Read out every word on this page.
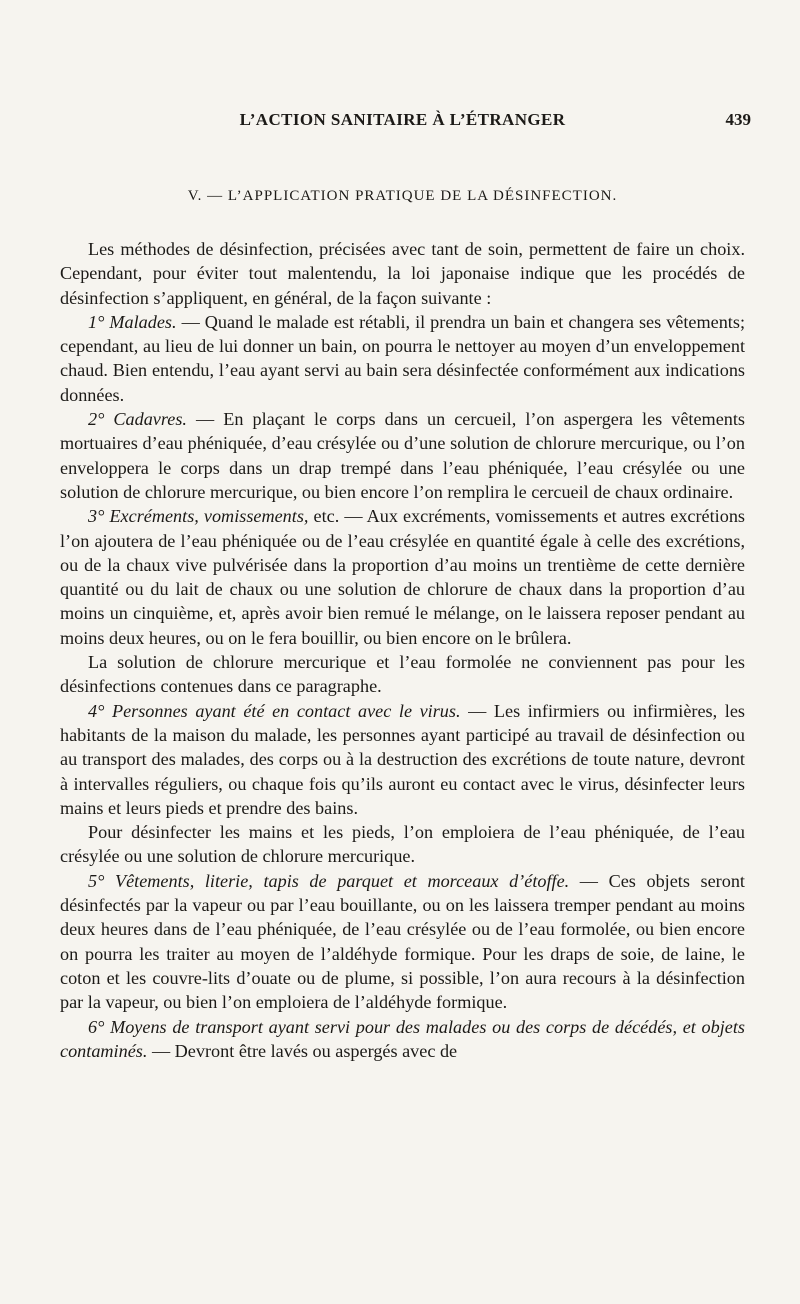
L’ACTION SANITAIRE À L’ÉTRANGER	439
V. — L’APPLICATION PRATIQUE DE LA DÉSINFECTION.

Les méthodes de désinfection, précisées avec tant de soin, permettent de faire un choix. Cependant, pour éviter tout malentendu, la loi japonaise indique que les procédés de désinfection s’appliquent, en général, de la façon suivante :

1° Malades. — Quand le malade est rétabli, il prendra un bain et changera ses vêtements; cependant, au lieu de lui donner un bain, on pourra le nettoyer au moyen d’un enveloppement chaud. Bien entendu, l’eau ayant servi au bain sera désinfectée conformément aux indications données.

2° Cadavres. — En plaçant le corps dans un cercueil, l’on aspergera les vêtements mortuaires d’eau phéniquée, d’eau crésylée ou d’une solution de chlorure mercurique, ou l’on enveloppera le corps dans un drap trempé dans l’eau phéniquée, l’eau crésylée ou une solution de chlorure mercurique, ou bien encore l’on remplira le cercueil de chaux ordinaire.

3° Excréments, vomissements, etc. — Aux excréments, vomissements et autres excrétions l’on ajoutera de l’eau phéniquée ou de l’eau crésylée en quantité égale à celle des excrétions, ou de la chaux vive pulvérisée dans la proportion d’au moins un trentième de cette dernière quantité ou du lait de chaux ou une solution de chlorure de chaux dans la proportion d’au moins un cinquième, et, après avoir bien remué le mélange, on le laissera reposer pendant au moins deux heures, ou on le fera bouillir, ou bien encore on le brûlera.

La solution de chlorure mercurique et l’eau formolée ne conviennent pas pour les désinfections contenues dans ce paragraphe.

4° Personnes ayant été en contact avec le virus. — Les infirmiers ou infirmières, les habitants de la maison du malade, les personnes ayant participé au travail de désinfection ou au transport des malades, des corps ou à la destruction des excrétions de toute nature, devront à intervalles réguliers, ou chaque fois qu’ils auront eu contact avec le virus, désinfecter leurs mains et leurs pieds et prendre des bains.

Pour désinfecter les mains et les pieds, l’on emploiera de l’eau phéniquée, de l’eau crésylée ou une solution de chlorure mercurique.

5° Vêtements, literie, tapis de parquet et morceaux d’étoffe. — Ces objets seront désinfectés par la vapeur ou par l’eau bouillante, ou on les laissera tremper pendant au moins deux heures dans de l’eau phéniquée, de l’eau crésylée ou de l’eau formolée, ou bien encore on pourra les traiter au moyen de l’aldéhyde formique. Pour les draps de soie, de laine, le coton et les couvre-lits d’ouate ou de plume, si possible, l’on aura recours à la désinfection par la vapeur, ou bien l’on emploiera de l’aldéhyde formique.

6° Moyens de transport ayant servi pour des malades ou des corps de décédés, et objets contaminés. — Devront être lavés ou aspergés avec de
